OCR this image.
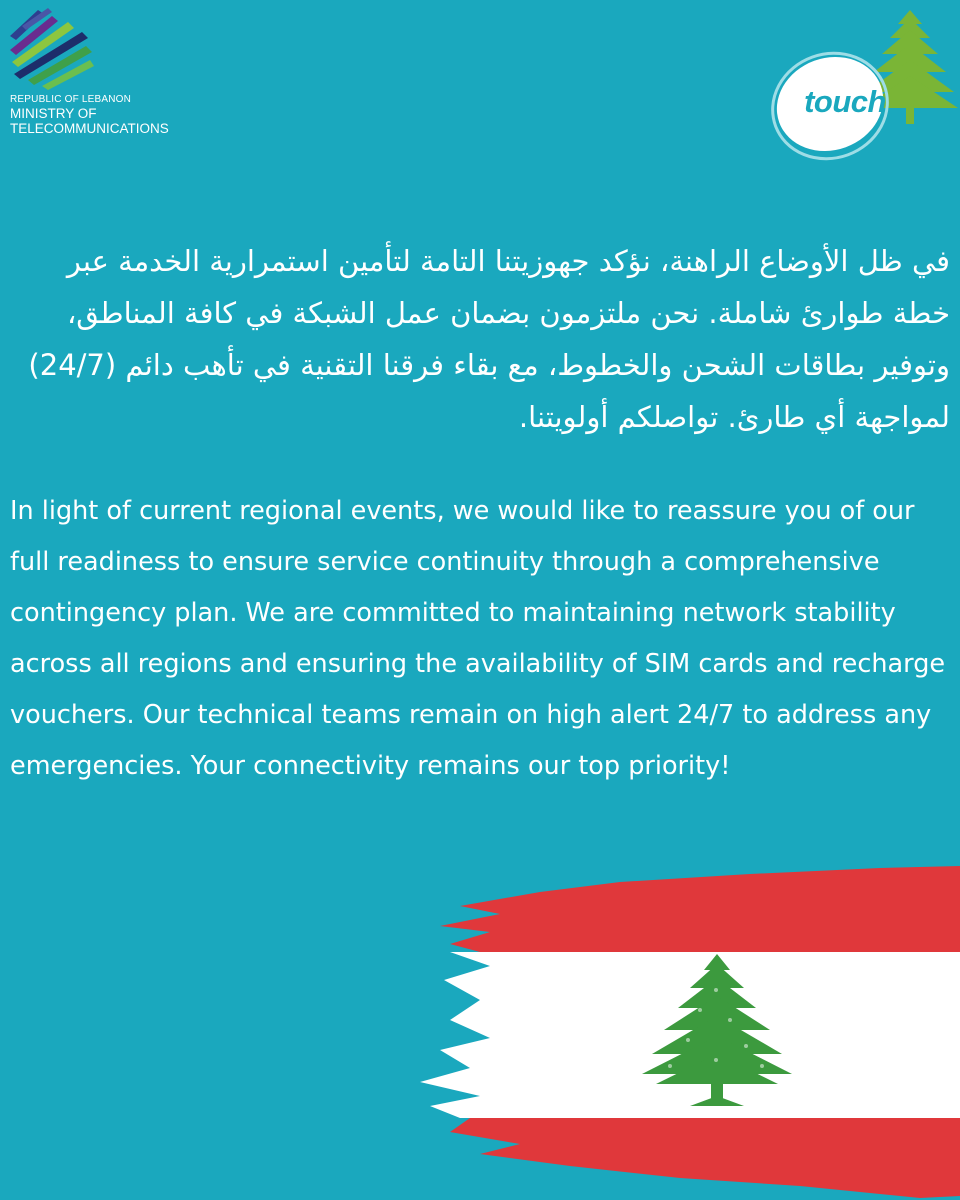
REPUBLIC OF LEBANON
MINISTRY OF
TELECOMMUNICATIONS
touch

في ظل الأوضاع الراهنة، نؤكد جهوزيتنا التامة لتأمين استمرارية الخدمة عبر خطة طوارئ شاملة. نحن ملتزمون بضمان عمل الشبكة في كافة المناطق، وتوفير بطاقات الشحن والخطوط، مع بقاء فرقنا التقنية في تأهب دائم (24/7) لمواجهة أي طارئ. تواصلكم أولويتنا.

In light of current regional events, we would like to reassure you of our full readiness to ensure service continuity through a comprehensive contingency plan. We are committed to maintaining network stability across all regions and ensuring the availability of SIM cards and recharge vouchers. Our technical teams remain on high alert 24/7 to address any emergencies. Your connectivity remains our top priority!
